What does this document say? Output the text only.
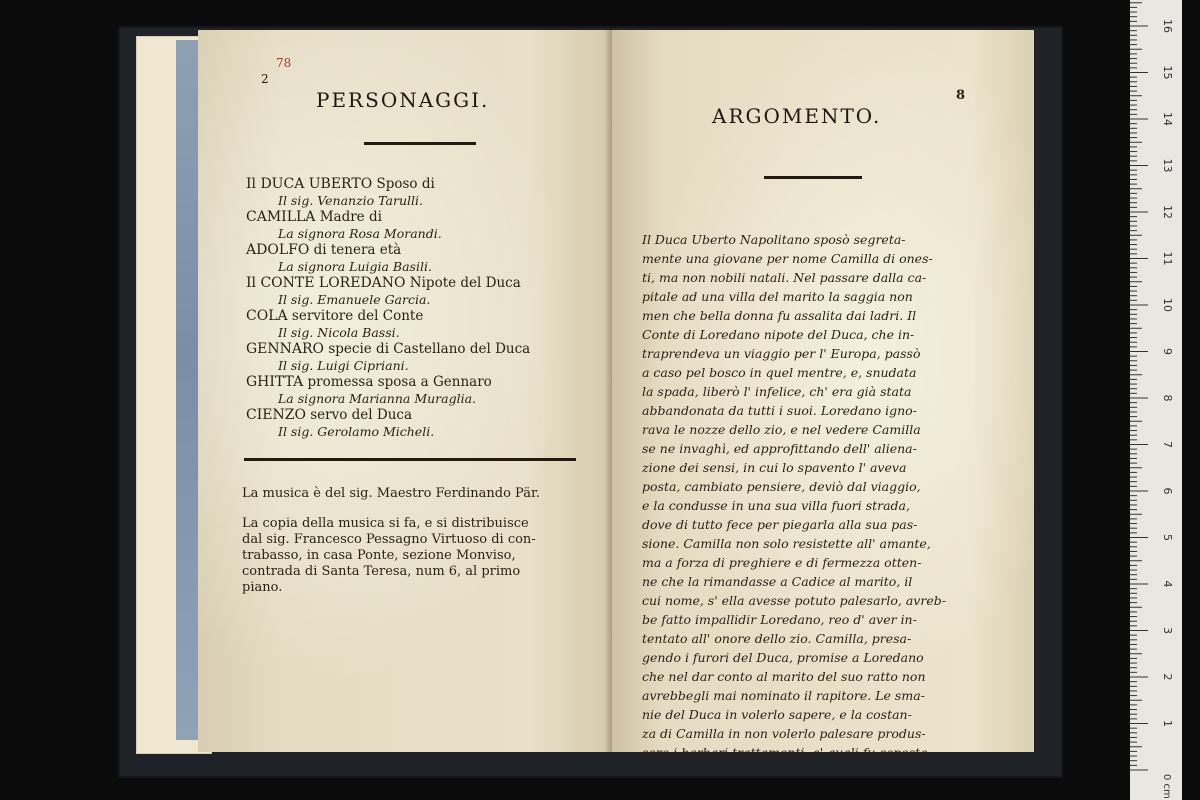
2
78
PERSONAGGI.
Il DUCA UBERTO Sposo di
Il sig. Venanzio Tarulli.
CAMILLA Madre di
La signora Rosa Morandi.
ADOLFO di tenera età
La signora Luigia Basili.
Il CONTE LOREDANO Nipote del Duca
Il sig. Emanuele Garcia.
COLA servitore del Conte
Il sig. Nicola Bassi.
GENNARO specie di Castellano del Duca
Il sig. Luigi Cipriani.
GHITTA promessa sposa a Gennaro
La signora Marianna Muraglia.
CIENZO servo del Duca
Il sig. Gerolamo Micheli.
La musica è del sig. Maestro Ferdinando Pär.
La copia della musica si fa, e si distribuisce
dal sig. Francesco Pessagno Virtuoso di con-
trabasso, in casa Ponte, sezione Monviso,
contrada di Santa Teresa, num 6, al primo
piano.
8
ARGOMENTO.
Il Duca Uberto Napolitano sposò segreta-
mente una giovane per nome Camilla di ones-
ti, ma non nobili natali. Nel passare dalla ca-
pitale ad una villa del marito la saggia non
men che bella donna fu assalita dai ladri. Il
Conte di Loredano nipote del Duca, che in-
traprendeva un viaggio per l' Europa, passò
a caso pel bosco in quel mentre, e, snudata
la spada, liberò l' infelice, ch' era già stata
abbandonata da tutti i suoi. Loredano igno-
rava le nozze dello zio, e nel vedere Camilla
se ne invaghì, ed approfittando dell' aliena-
zione dei sensi, in cui lo spavento l' aveva
posta, cambiato pensiere, deviò dal viaggio,
e la condusse in una sua villa fuori strada,
dove di tutto fece per piegarla alla sua pas-
sione. Camilla non solo resistette all' amante,
ma a forza di preghiere e di fermezza otten-
ne che la rimandasse a Cadice al marito, il
cui nome, s' ella avesse potuto palesarlo, avreb-
be fatto impallidir Loredano, reo d' aver in-
tentato all' onore dello zio. Camilla, presa-
gendo i furori del Duca, promise a Loredano
che nel dar conto al marito del suo ratto non
avrebbegli mai nominato il rapitore. Le sma-
nie del Duca in volerlo sapere, e la costan-
za di Camilla in non volerlo palesare produs-
sero i barbari trattamenti, a' quali fu esposta
1
2
3
4
5
6
7
8
9
10
11
12
13
14
15
16
0 cm
